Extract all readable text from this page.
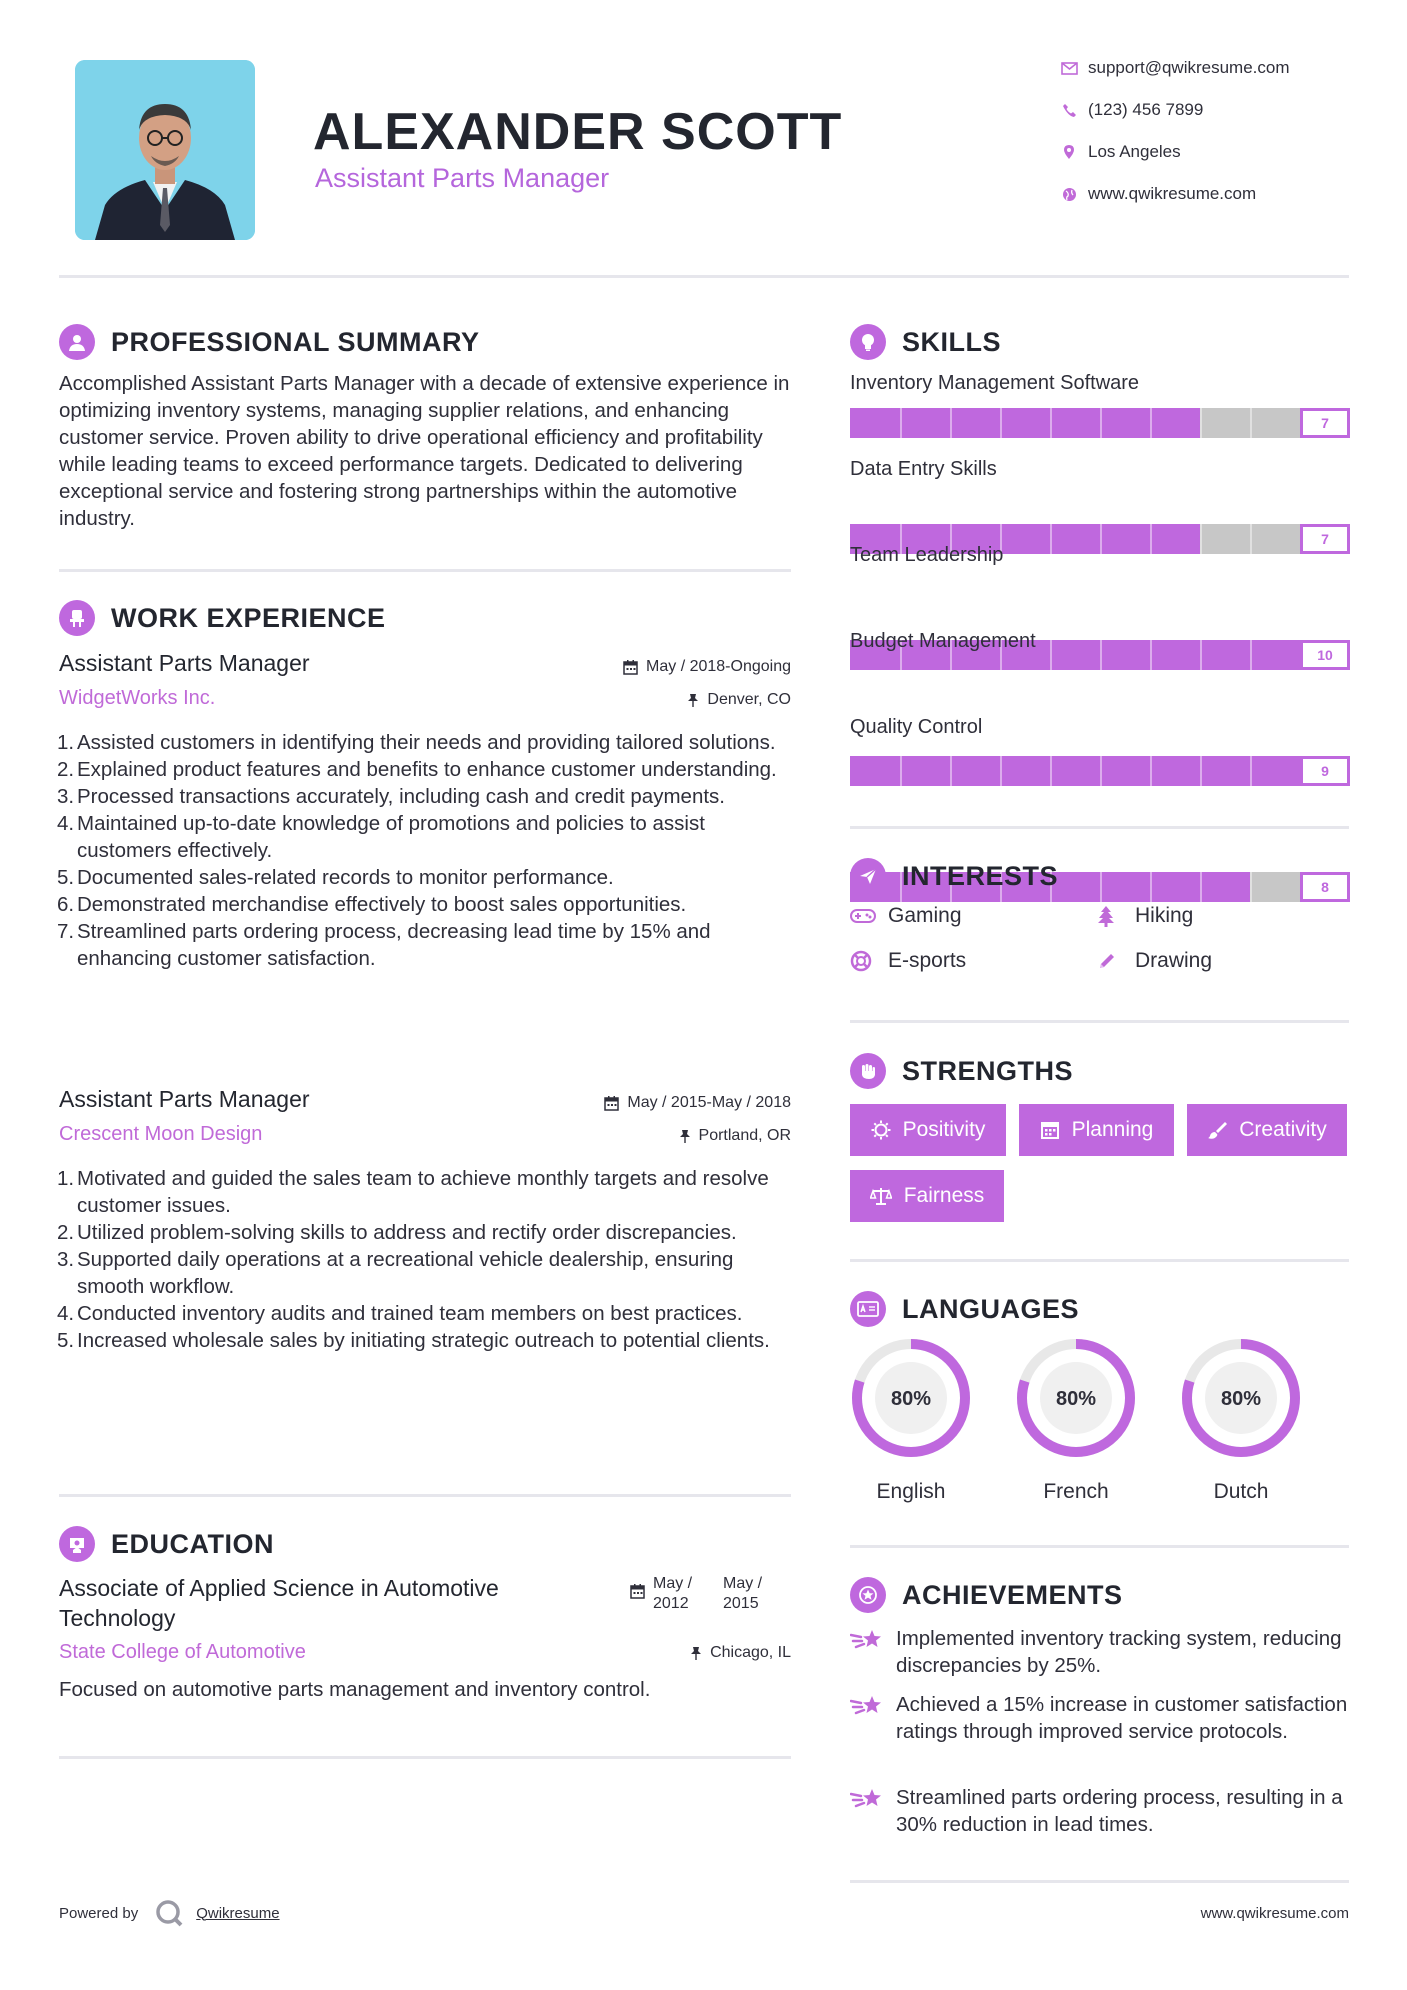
ALEXANDER SCOTT
Assistant Parts Manager
support@qwikresume.com
(123) 456 7899
Los Angeles
www.qwikresume.com
PROFESSIONAL SUMMARY
Accomplished Assistant Parts Manager with a decade of extensive experience in optimizing inventory systems, managing supplier relations, and enhancing customer service. Proven ability to drive operational efficiency and profitability while leading teams to exceed performance targets. Dedicated to delivering exceptional service and fostering strong partnerships within the automotive industry.
WORK EXPERIENCE
Assistant Parts Manager	May / 2018-Ongoing
WidgetWorks Inc.	Denver, CO
1. Assisted customers in identifying their needs and providing tailored solutions.
2. Explained product features and benefits to enhance customer understanding.
3. Processed transactions accurately, including cash and credit payments.
4. Maintained up-to-date knowledge of promotions and policies to assist customers effectively.
5. Documented sales-related records to monitor performance.
6. Demonstrated merchandise effectively to boost sales opportunities.
7. Streamlined parts ordering process, decreasing lead time by 15% and enhancing customer satisfaction.
Assistant Parts Manager	May / 2015-May / 2018
Crescent Moon Design	Portland, OR
1. Motivated and guided the sales team to achieve monthly targets and resolve customer issues.
2. Utilized problem-solving skills to address and rectify order discrepancies.
3. Supported daily operations at a recreational vehicle dealership, ensuring smooth workflow.
4. Conducted inventory audits and trained team members on best practices.
5. Increased wholesale sales by initiating strategic outreach to potential clients.
EDUCATION
Associate of Applied Science in Automotive Technology
May / 2012
May / 2015
State College of Automotive	Chicago, IL
Focused on automotive parts management and inventory control.
SKILLS
Inventory Management Software
7
Data Entry Skills
7
Team Leadership
10
Budget Management
9
Quality Control
8
INTERESTS
Gaming	Hiking
E-sports	Drawing
STRENGTHS
Positivity	Planning	Creativity
Fairness
LANGUAGES
80%
English
80%
French
80%
Dutch
ACHIEVEMENTS
Implemented inventory tracking system, reducing discrepancies by 25%.
Achieved a 15% increase in customer satisfaction ratings through improved service protocols.
Streamlined parts ordering process, resulting in a 30% reduction in lead times.
Powered by	Qwikresume	www.qwikresume.com
